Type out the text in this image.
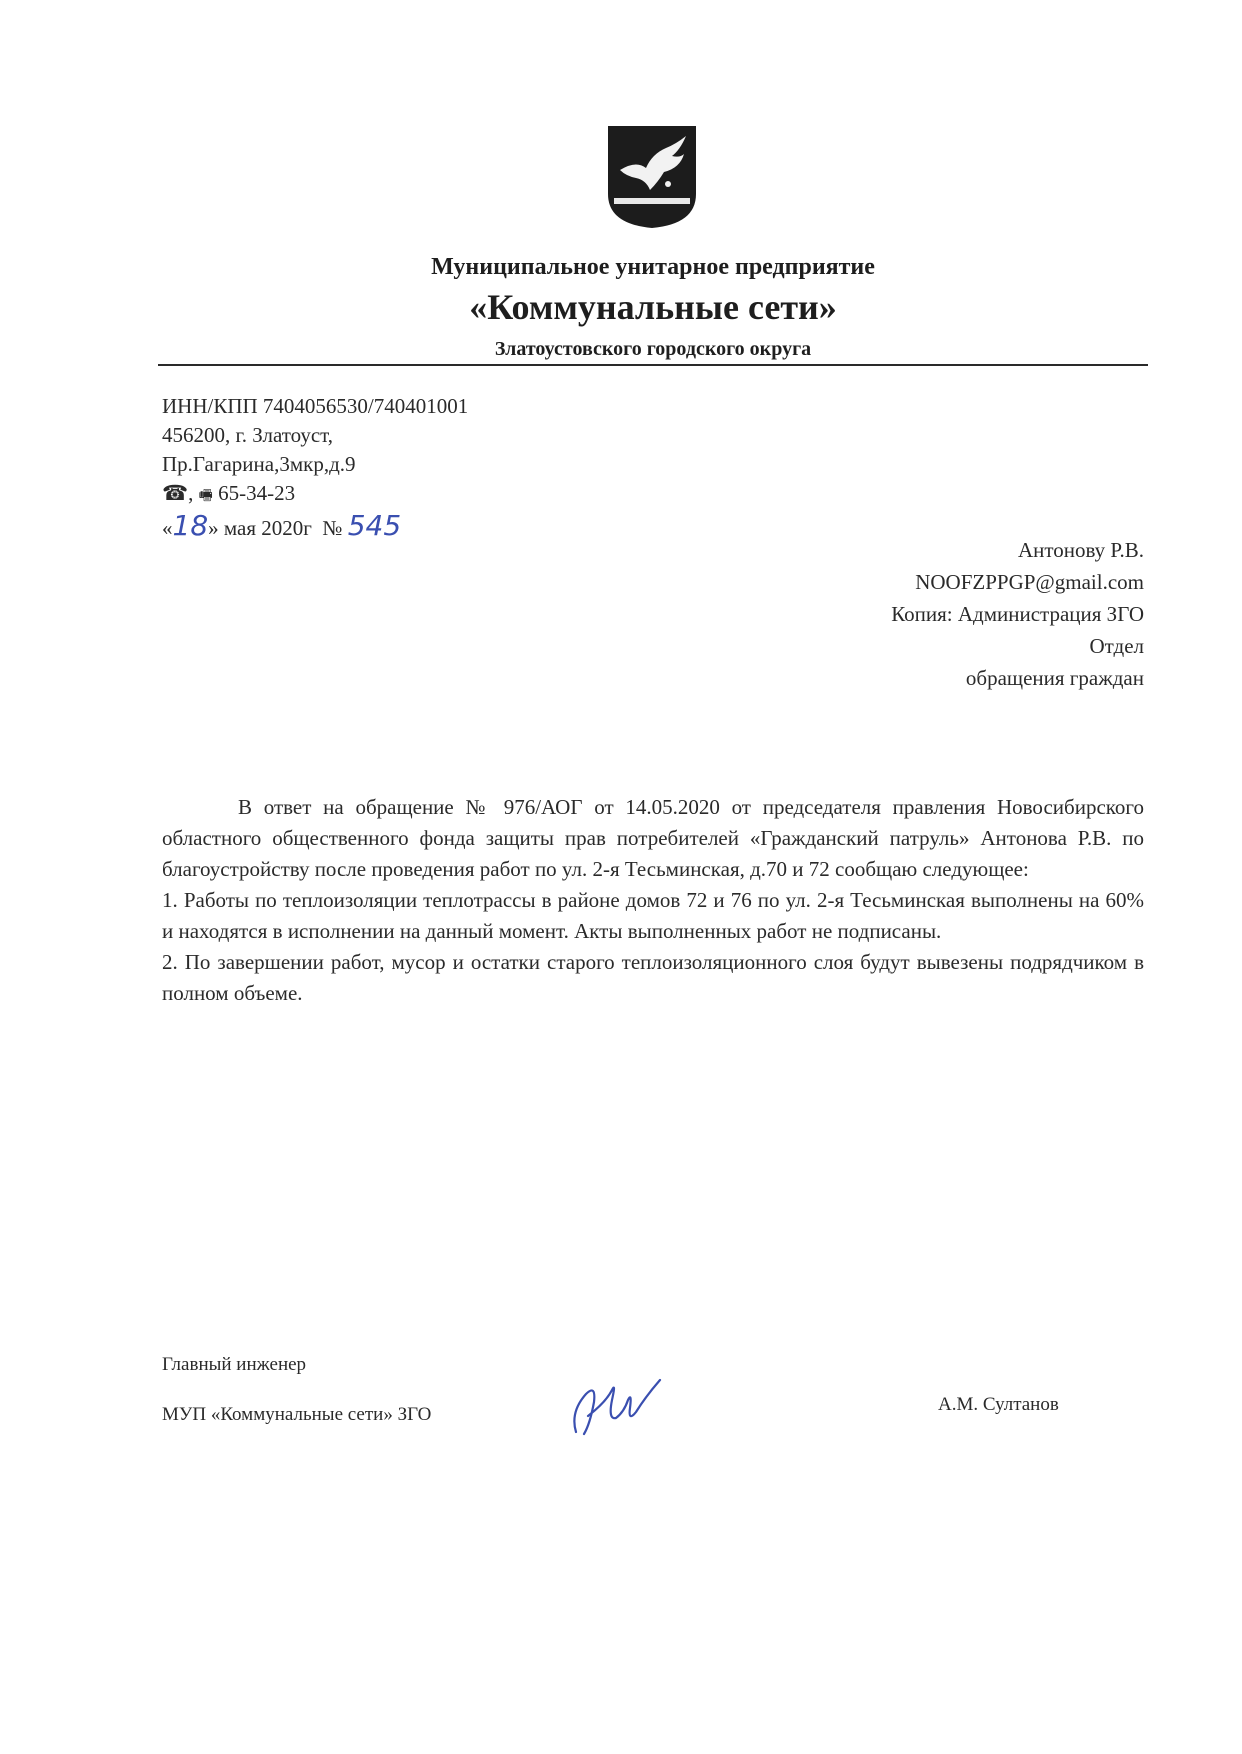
Муниципальное унитарное предприятие
«Коммунальные сети»
Златоустовского городского округа
ИНН/КПП 7404056530/740401001
456200, г. Златоуст,
Пр.Гагарина,3мкр,д.9
☎, 🖷 65-34-23
«18» мая 2020г № 545
Антонову Р.В.
NOOFZPPGP@gmail.com
Копия: Администрация ЗГО
Отдел
обращения граждан

В ответ на обращение № 976/АОГ от 14.05.2020 от председателя правления Новосибирского областного общественного фонда защиты прав потребителей «Гражданский патруль» Антонова Р.В. по благоустройству после проведения работ по ул. 2-я Тесьминская, д.70 и 72 сообщаю следующее:

1. Работы по теплоизоляции теплотрассы в районе домов 72 и 76 по ул. 2-я Тесьминская выполнены на 60% и находятся в исполнении на данный момент. Акты выполненных работ не подписаны.

2. По завершении работ, мусор и остатки старого теплоизоляционного слоя будут вывезены подрядчиком в полном объеме.

Главный инженер
МУП «Коммунальные сети» ЗГО	А.М. Султанов
